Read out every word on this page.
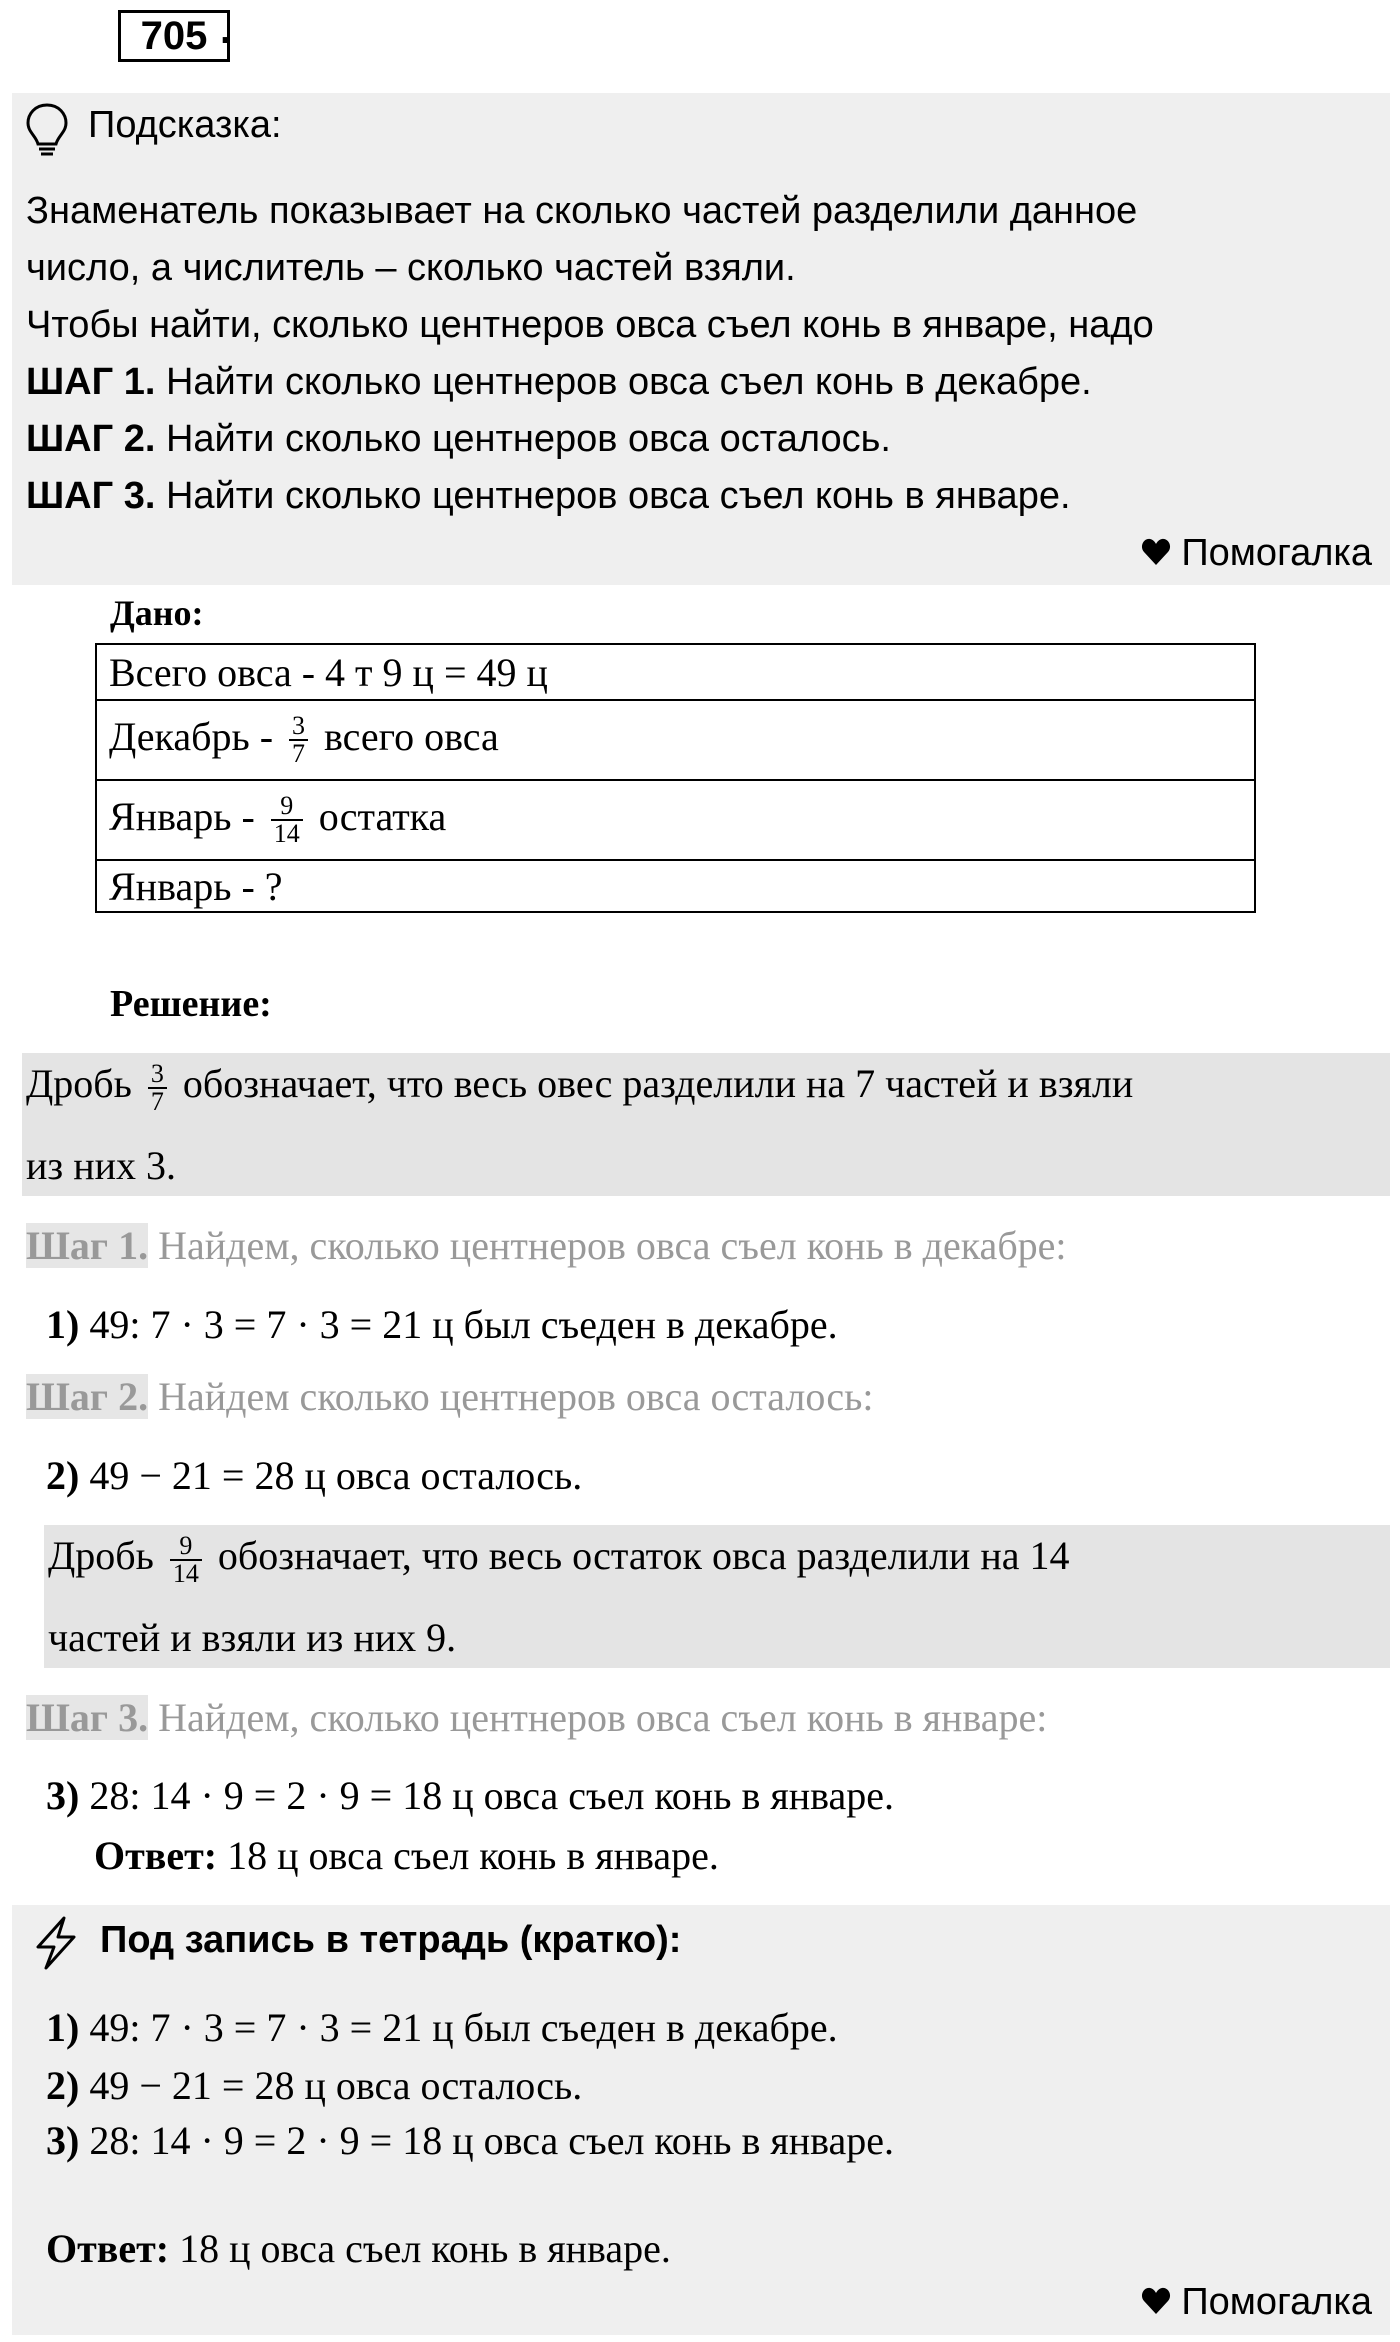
705 .
Подсказка:
Знаменатель показывает на сколько частей разделили данное
число, а числитель – сколько частей взяли.
Чтобы найти, сколько центнеров овса съел конь в январе, надо
ШАГ 1. Найти сколько центнеров овса съел конь в декабре.
ШАГ 2. Найти сколько центнеров овса осталось.
ШАГ 3. Найти сколько центнеров овса съел конь в январе.
Помогалка
Дано:
Всего овса - 4 т 9 ц = 49 ц
Декабрь - $\frac{3}{7}$ всего овса
Январь - $\frac{9}{14}$ остатка
Январь - ?
Решение:
Дробь $\frac{3}{7}$ обозначает, что весь овес разделили на 7 частей и взяли
из них 3.
Шаг 1. Найдем, сколько центнеров овса съел конь в декабре:
1) 49: 7 · 3 = 7 · 3 = 21 ц был съеден в декабре.
Шаг 2. Найдем сколько центнеров овса осталось:
2) 49 − 21 = 28 ц овса осталось.
Дробь $\frac{9}{14}$ обозначает, что весь остаток овса разделили на 14
частей и взяли из них 9.
Шаг 3. Найдем, сколько центнеров овса съел конь в январе:
3) 28: 14 · 9 = 2 · 9 = 18 ц овса съел конь в январе.
Ответ: 18 ц овса съел конь в январе.
Под запись в тетрадь (кратко):
1) 49: 7 · 3 = 7 · 3 = 21 ц был съеден в декабре.
2) 49 − 21 = 28 ц овса осталось.
3) 28: 14 · 9 = 2 · 9 = 18 ц овса съел конь в январе.
Ответ: 18 ц овса съел конь в январе.
Помогалка
